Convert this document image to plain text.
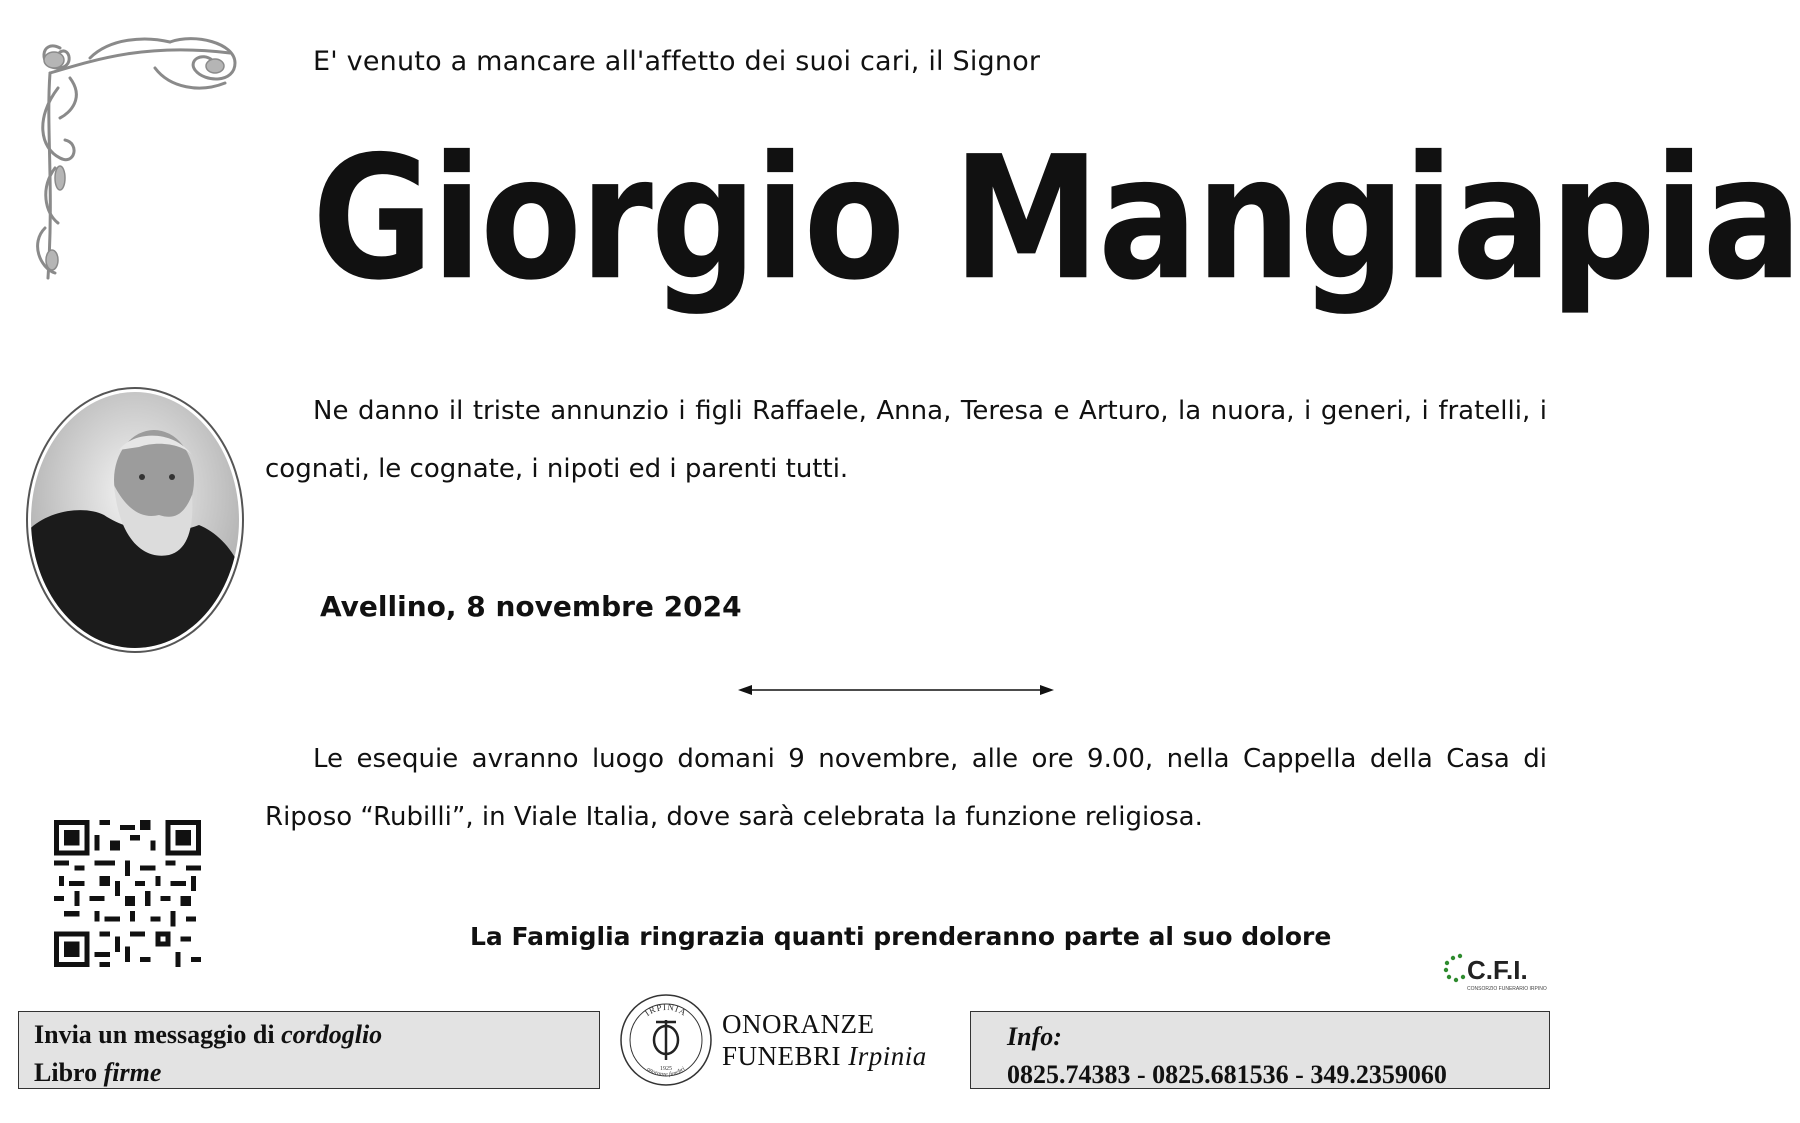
E' venuto a mancare all'affetto dei suoi cari, il Signor
Giorgio Mangiapia
Ne danno il triste annunzio i figli Raffaele, Anna, Teresa e Arturo, la nuora, i generi, i fratelli, i cognati, le cognate, i nipoti ed i parenti tutti.
Avellino, 8 novembre 2024
Le esequie avranno luogo domani 9 novembre, alle ore 9.00, nella Cappella della Casa di Riposo “Rubilli”, in Viale Italia, dove sarà celebrata la funzione religiosa.
La Famiglia ringrazia quanti prenderanno parte al suo dolore
C.F.I.
CONSORZIO FUNERARIO IRPINO
Invia un messaggio di cordoglio
Libro firme
IRPINIA
onoranze funebri
1925
ONORANZE
FUNEBRI Irpinia
Info:
0825.74383 - 0825.681536 - 349.2359060
